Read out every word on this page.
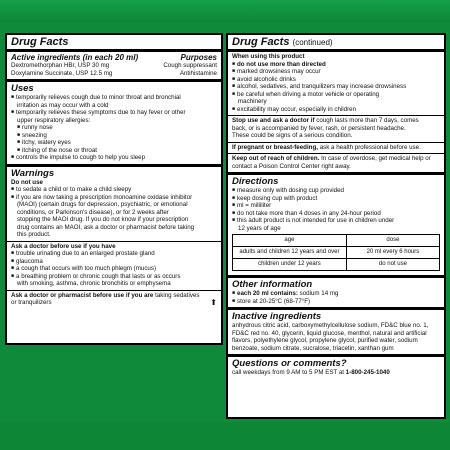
Drug Facts
Active ingredients (in each 20 ml)	Purposes
Dextromethorphan HBr, USP 30 mg	Cough suppressant
Doxylamine Succinate, USP 12.5 mg	Antihistamine
Uses
■ temporarily relieves cough due to minor throat and bronchial
irritation as may occur with a cold
■ temporarily relieves these symptoms due to hay fever or other
upper respiratory allergies:
■ runny nose
■ sneezing
■ itchy, watery eyes
■ itching of the nose or throat
■ controls the impulse to cough to help you sleep
Warnings
Do not use
■ to sedate a child or to make a child sleepy
■ if you are now taking a prescription monoamine oxidase inhibitor
(MAOI) (certain drugs for depression, psychiatric, or emotional
conditions, or Parkinson's disease), or for 2 weeks after
stopping the MAOI drug. If you do not know if your prescription
drug contains an MAOI, ask a doctor or pharmacist before taking
this product.
Ask a doctor before use if you have
■ trouble urinating due to an enlarged prostate gland
■ glaucoma
■ a cough that occurs with too much phlegm (mucus)
■ a breathing problem or chronic cough that lasts or as occurs
with smoking, asthma, chronic bronchitis or emphysema
Ask a doctor or pharmacist before use if you are taking sedatives
or tranquilizers	⬆
Drug Facts (continued)
When using this product
■ do not use more than directed
■ marked drowsiness may occur
■ avoid alcoholic drinks
■ alcohol, sedatives, and tranquilizers may increase drowsiness
■ be careful when driving a motor vehicle or operating
machinery
■ excitability may occur, especially in children
Stop use and ask a doctor if cough lasts more than 7 days, comes
back, or is accompanied by fever, rash, or persistent headache.
These could be signs of a serious condition.
If pregnant or breast-feeding, ask a health professional before use.
Keep out of reach of children. In case of overdose, get medical help or
contact a Poison Control Center right away.
Directions
■ measure only with dosing cup provided
■ keep dosing cup with product
■ ml = milliliter
■ do not take more than 4 doses in any 24-hour period
■ this adult product is not intended for use in children under
12 years of age
age	dose
adults and children 12 years and over	20 ml every 6 hours
children under 12 years	do not use
Other information
■ each 20 ml contains: sodium 14 mg
■ store at 20-25°C (68-77°F)
Inactive ingredients
anhydrous citric acid, carboxymethylcellulose sodium, FD&C blue no. 1, FD&C red no. 40, glycerin, liquid glucose, menthol, natural and artificial flavors, polyethylene glycol, propylene glycol, purified water, sodium benzoate, sodium citrate, sucralose, triacetin, xanthan gum
Questions or comments?
call weekdays from 9 AM to 5 PM EST at 1-800-245-1040
